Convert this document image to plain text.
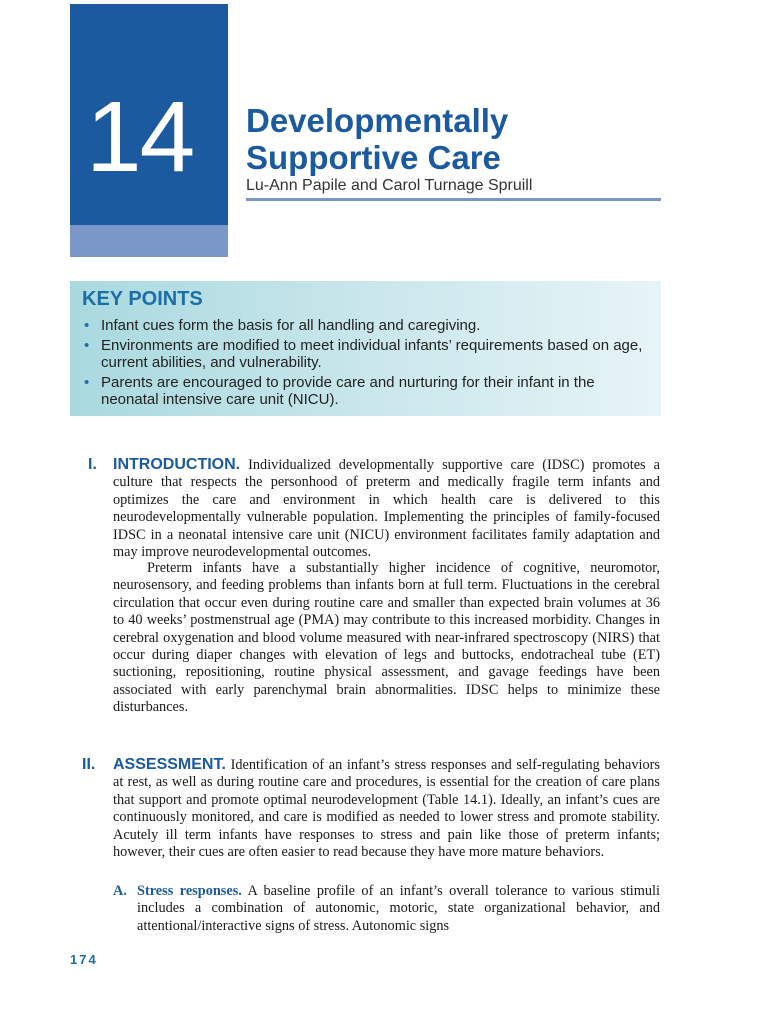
14	Developmentally
Supportive Care
Lu-Ann Papile and Carol Turnage Spruill
KEY POINTS
• Infant cues form the basis for all handling and caregiving.
• Environments are modified to meet individual infants’ requirements based on age, current abilities, and vulnerability.
• Parents are encouraged to provide care and nurturing for their infant in the neonatal intensive care unit (NICU).
I. INTRODUCTION. Individualized developmentally supportive care (IDSC) promotes a culture that respects the personhood of preterm and medically fragile term infants and optimizes the care and environment in which health care is delivered to this neurodevelopmentally vulnerable population. Implementing the principles of family-focused IDSC in a neonatal intensive care unit (NICU) environment facilitates family adaptation and may improve neurodevelopmental outcomes.

Preterm infants have a substantially higher incidence of cognitive, neuromotor, neurosensory, and feeding problems than infants born at full term. Fluctuations in the cerebral circulation that occur even during routine care and smaller than expected brain volumes at 36 to 40 weeks’ postmenstrual age (PMA) may contribute to this increased morbidity. Changes in cerebral oxygenation and blood volume measured with near-infrared spectroscopy (NIRS) that occur during diaper changes with elevation of legs and buttocks, endotracheal tube (ET) suctioning, repositioning, routine physical assessment, and gavage feedings have been associated with early parenchymal brain abnormalities. IDSC helps to minimize these disturbances.

II. ASSESSMENT. Identification of an infant’s stress responses and self-regulating behaviors at rest, as well as during routine care and procedures, is essential for the creation of care plans that support and promote optimal neurodevelopment (Table 14.1). Ideally, an infant’s cues are continuously monitored, and care is modified as needed to lower stress and promote stability. Acutely ill term infants have responses to stress and pain like those of preterm infants; however, their cues are often easier to read because they have more mature behaviors.

A. Stress responses. A baseline profile of an infant’s overall tolerance to various stimuli includes a combination of autonomic, motoric, state organizational behavior, and attentional/interactive signs of stress. Autonomic signs

174
